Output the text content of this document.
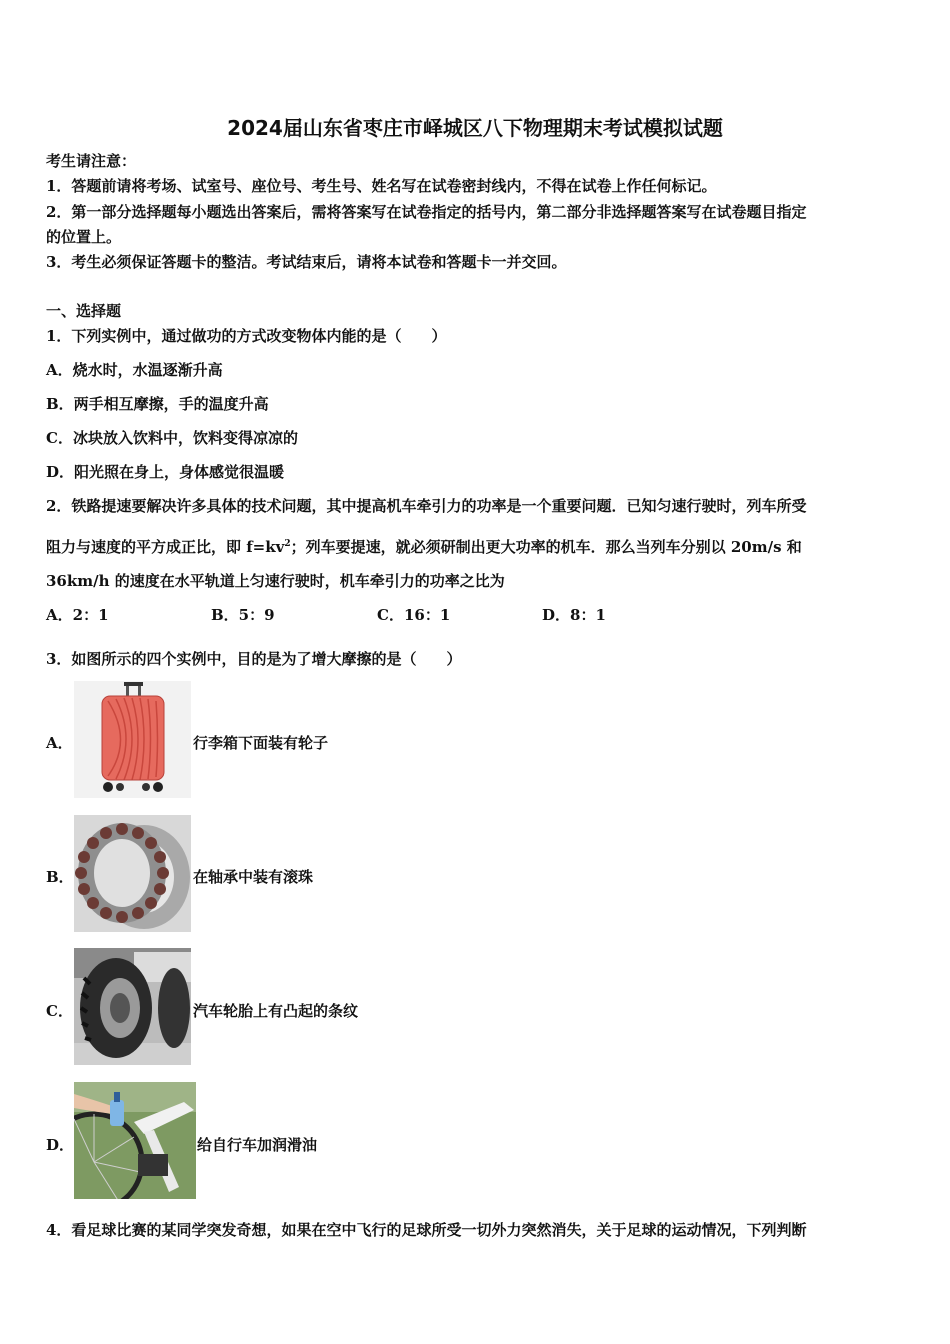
2024届山东省枣庄市峄城区八下物理期末考试模拟试题
考生请注意：
1．答题前请将考场、试室号、座位号、考生号、姓名写在试卷密封线内，不得在试卷上作任何标记。
2．第一部分选择题每小题选出答案后，需将答案写在试卷指定的括号内，第二部分非选择题答案写在试卷题目指定
的位置上。
3．考生必须保证答题卡的整洁。考试结束后，请将本试卷和答题卡一并交回。
一、选择题
1．下列实例中，通过做功的方式改变物体内能的是（　　）
A．烧水时，水温逐渐升高
B．两手相互摩擦，手的温度升高
C．冰块放入饮料中，饮料变得凉凉的
D．阳光照在身上，身体感觉很温暖
2．铁路提速要解决许多具体的技术问题，其中提高机车牵引力的功率是一个重要问题．已知匀速行驶时，列车所受
阻力与速度的平方成正比，即 $f=kv^2$；列车要提速，就必须研制出更大功率的机车．那么当列车分别以 20m/s 和
36km/h 的速度在水平轨道上匀速行驶时，机车牵引力的功率之比为
A．2：1	B．5：9	C．16：1	D．8：1
3．如图所示的四个实例中，目的是为了增大摩擦的是（　　）
A．	行李箱下面装有轮子
B．	在轴承中装有滚珠
C．	汽车轮胎上有凸起的条纹
D．	给自行车加润滑油
4．看足球比赛的某同学突发奇想，如果在空中飞行的足球所受一切外力突然消失，关于足球的运动情况，下列判断
